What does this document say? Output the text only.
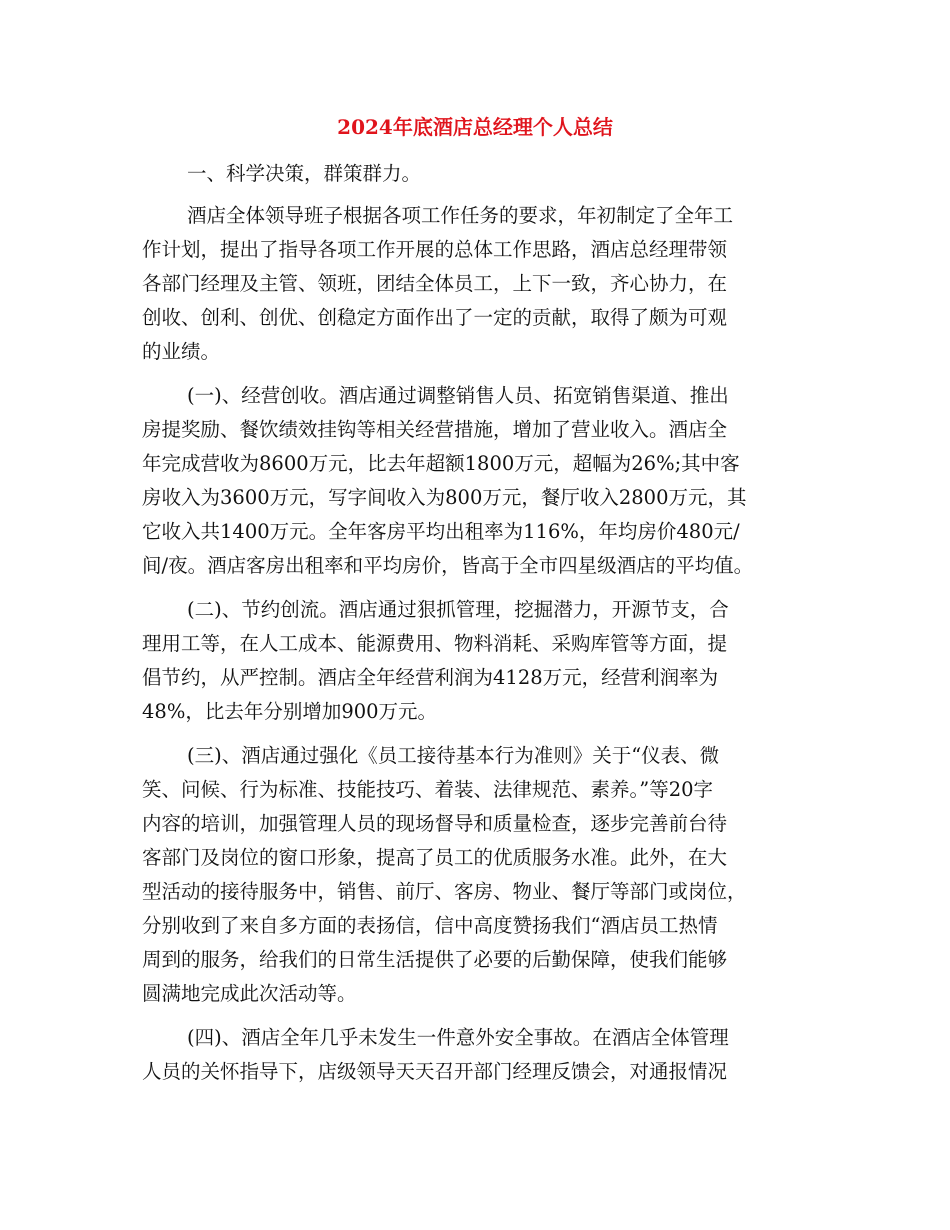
2024年底酒店总经理个人总结
一、科学决策，群策群力。
酒店全体领导班子根据各项工作任务的要求，年初制定了全年工
作计划，提出了指导各项工作开展的总体工作思路，酒店总经理带领
各部门经理及主管、领班，团结全体员工，上下一致，齐心协力，在
创收、创利、创优、创稳定方面作出了一定的贡献，取得了颇为可观
的业绩。
(一)、经营创收。酒店通过调整销售人员、拓宽销售渠道、推出
房提奖励、餐饮绩效挂钩等相关经营措施，增加了营业收入。酒店全
年完成营收为8600万元，比去年超额1800万元，超幅为26%;其中客
房收入为3600万元，写字间收入为800万元，餐厅收入2800万元，其
它收入共1400万元。全年客房平均出租率为116%，年均房价480元/
间/夜。酒店客房出租率和平均房价，皆高于全市四星级酒店的平均值。
(二)、节约创流。酒店通过狠抓管理，挖掘潜力，开源节支，合
理用工等，在人工成本、能源费用、物料消耗、采购库管等方面，提
倡节约，从严控制。酒店全年经营利润为4128万元，经营利润率为
48%，比去年分别增加900万元。
(三)、酒店通过强化《员工接待基本行为准则》关于“仪表、微
笑、问候、行为标准、技能技巧、着装、法律规范、素养。”等20字
内容的培训，加强管理人员的现场督导和质量检查，逐步完善前台待
客部门及岗位的窗口形象，提高了员工的优质服务水准。此外，在大
型活动的接待服务中，销售、前厅、客房、物业、餐厅等部门或岗位，
分别收到了来自多方面的表扬信，信中高度赞扬我们“酒店员工热情
周到的服务，给我们的日常生活提供了必要的后勤保障，使我们能够
圆满地完成此次活动等。
(四)、酒店全年几乎未发生一件意外安全事故。在酒店全体管理
人员的关怀指导下，店级领导天天召开部门经理反馈会，对通报情况
